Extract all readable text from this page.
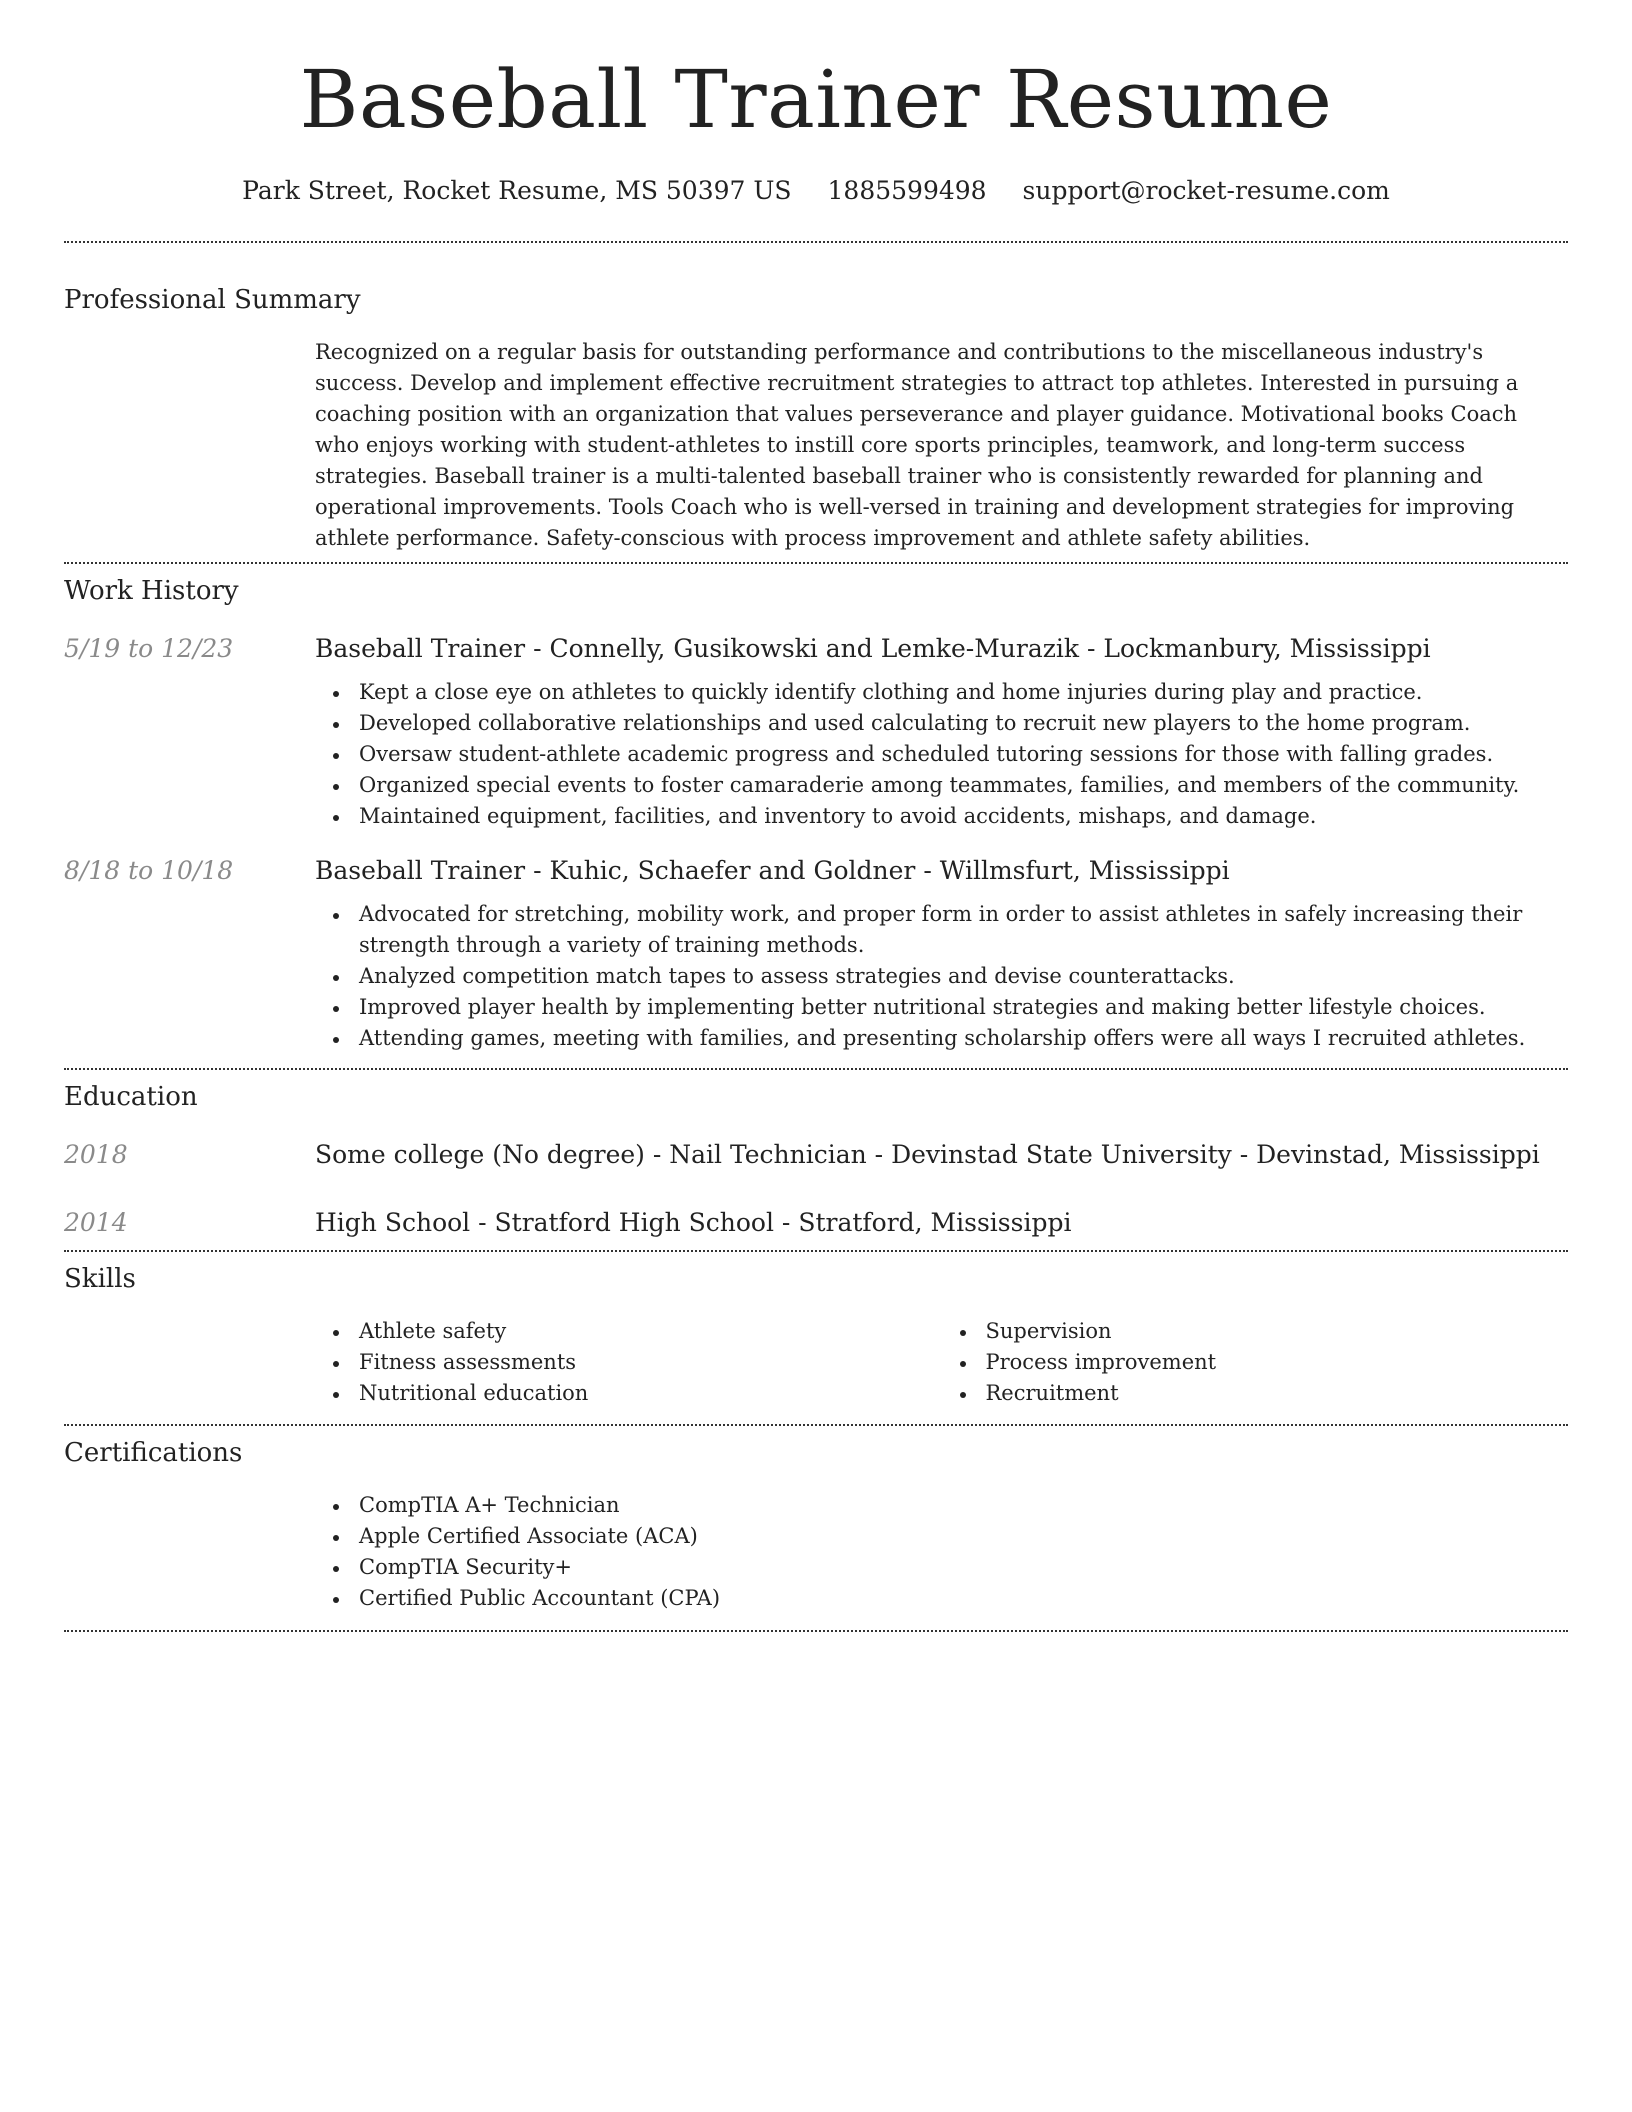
Baseball Trainer Resume
Park Street, Rocket Resume, MS 50397 US 1885599498 support@rocket-resume.com
Professional Summary
Recognized on a regular basis for outstanding performance and contributions to the miscellaneous industry's success. Develop and implement effective recruitment strategies to attract top athletes. Interested in pursuing a coaching position with an organization that values perseverance and player guidance. Motivational books Coach who enjoys working with student-athletes to instill core sports principles, teamwork, and long-term success strategies. Baseball trainer is a multi-talented baseball trainer who is consistently rewarded for planning and operational improvements. Tools Coach who is well-versed in training and development strategies for improving athlete performance. Safety-conscious with process improvement and athlete safety abilities.
Work History
5/19 to 12/23	Baseball Trainer - Connelly, Gusikowski and Lemke-Murazik - Lockmanbury, Mississippi
Kept a close eye on athletes to quickly identify clothing and home injuries during play and practice.
Developed collaborative relationships and used calculating to recruit new players to the home program.
Oversaw student-athlete academic progress and scheduled tutoring sessions for those with falling grades.
Organized special events to foster camaraderie among teammates, families, and members of the community.
Maintained equipment, facilities, and inventory to avoid accidents, mishaps, and damage.
8/18 to 10/18	Baseball Trainer - Kuhic, Schaefer and Goldner - Willmsfurt, Mississippi
Advocated for stretching, mobility work, and proper form in order to assist athletes in safely increasing their strength through a variety of training methods.
Analyzed competition match tapes to assess strategies and devise counterattacks.
Improved player health by implementing better nutritional strategies and making better lifestyle choices.
Attending games, meeting with families, and presenting scholarship offers were all ways I recruited athletes.
Education
2018	Some college (No degree) - Nail Technician - Devinstad State University - Devinstad, Mississippi
2014	High School - Stratford High School - Stratford, Mississippi
Skills
Athlete safety
Fitness assessments
Nutritional education
Supervision
Process improvement
Recruitment
Certifications
CompTIA A+ Technician
Apple Certified Associate (ACA)
CompTIA Security+
Certified Public Accountant (CPA)
